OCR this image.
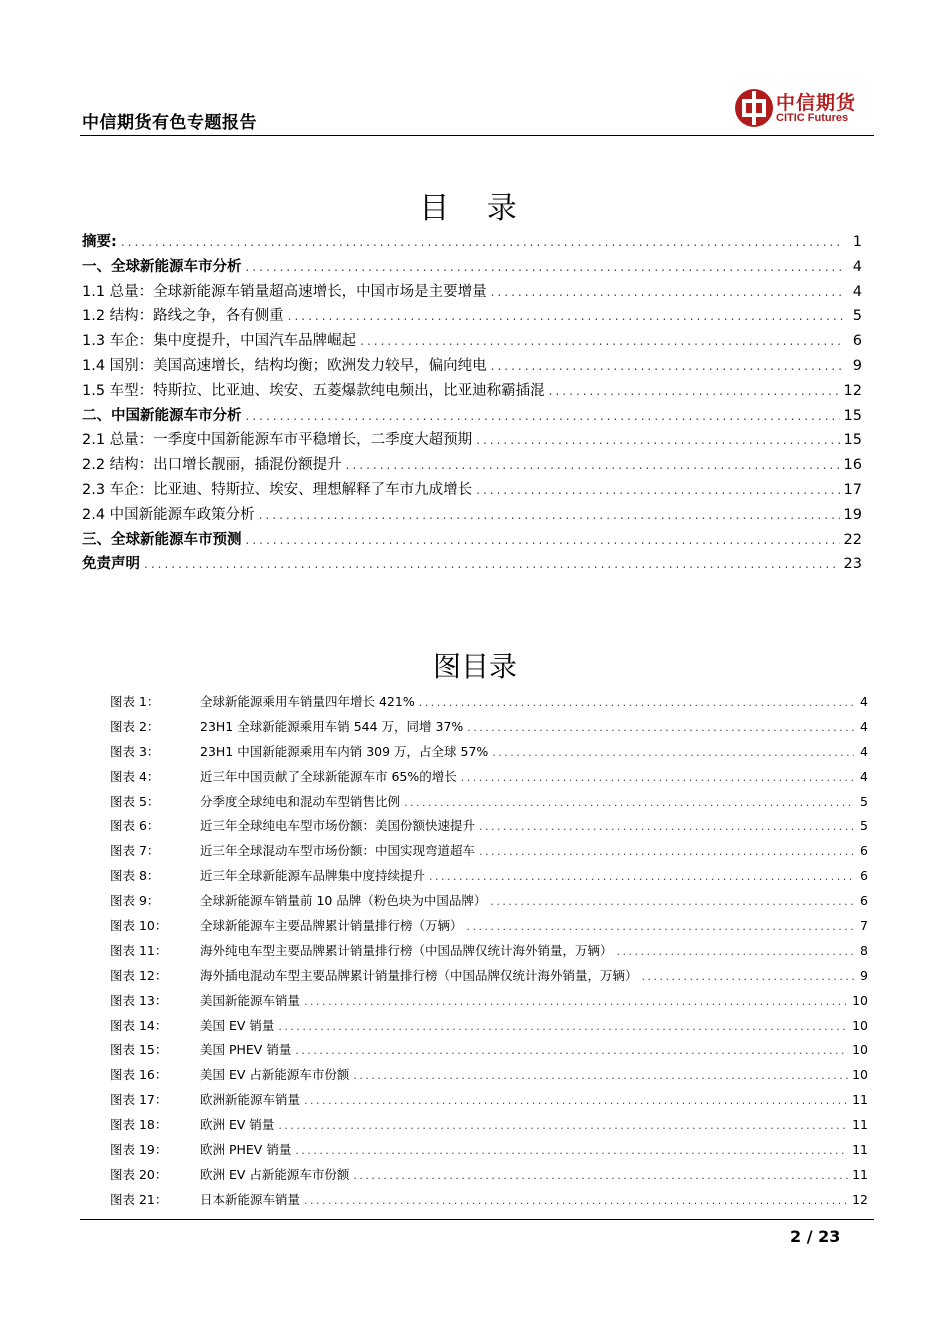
中信期货有色专题报告
中信期货
CITIC Futures
目 录
摘要: .....	1
一、全球新能源车市分析 .....	4
1.1 总量：全球新能源车销量超高速增长，中国市场是主要增量 .....	4
1.2 结构：路线之争，各有侧重 .....	5
1.3 车企：集中度提升，中国汽车品牌崛起 .....	6
1.4 国别：美国高速增长，结构均衡；欧洲发力较早，偏向纯电 .....	9
1.5 车型：特斯拉、比亚迪、埃安、五菱爆款纯电频出，比亚迪称霸插混 .....	12
二、中国新能源车市分析 .....	15
2.1 总量：一季度中国新能源车市平稳增长，二季度大超预期 .....	15
2.2 结构：出口增长靓丽，插混份额提升 .....	16
2.3 车企：比亚迪、特斯拉、埃安、理想解释了车市九成增长 .....	17
2.4 中国新能源车政策分析 .....	19
三、全球新能源车市预测 .....	22
免责声明 .....	23
图目录
图表 1：	全球新能源乘用车销量四年增长 421% .....	4
图表 2：	23H1 全球新能源乘用车销 544 万，同增 37% .....	4
图表 3：	23H1 中国新能源乘用车内销 309 万，占全球 57% .....	4
图表 4：	近三年中国贡献了全球新能源车市 65%的增长 .....	4
图表 5：	分季度全球纯电和混动车型销售比例 .....	5
图表 6：	近三年全球纯电车型市场份额：美国份额快速提升 .....	5
图表 7：	近三年全球混动车型市场份额：中国实现弯道超车 .....	6
图表 8：	近三年全球新能源车品牌集中度持续提升 .....	6
图表 9：	全球新能源车销量前 10 品牌（粉色块为中国品牌） .....	6
图表 10：	全球新能源车主要品牌累计销量排行榜（万辆） .....	7
图表 11：	海外纯电车型主要品牌累计销量排行榜（中国品牌仅统计海外销量，万辆） .....	8
图表 12：	海外插电混动车型主要品牌累计销量排行榜（中国品牌仅统计海外销量，万辆） .....	9
图表 13：	美国新能源车销量 .....	10
图表 14：	美国 EV 销量 .....	10
图表 15：	美国 PHEV 销量 .....	10
图表 16：	美国 EV 占新能源车市份额 .....	10
图表 17：	欧洲新能源车销量 .....	11
图表 18：	欧洲 EV 销量 .....	11
图表 19：	欧洲 PHEV 销量 .....	11
图表 20：	欧洲 EV 占新能源车市份额 .....	11
图表 21：	日本新能源车销量 .....	12
2 / 23
